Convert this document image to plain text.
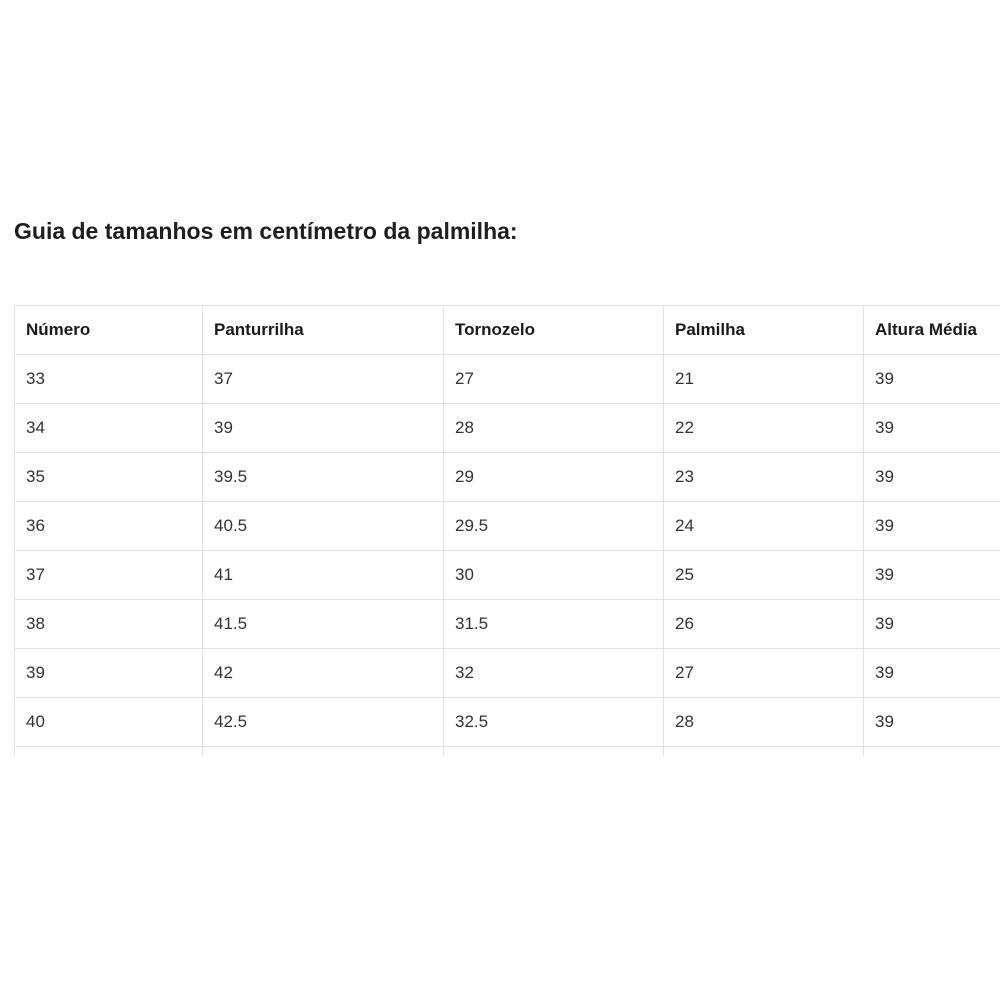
Guia de tamanhos em centímetro da palmilha:
Número	Panturrilha	Tornozelo	Palmilha	Altura Média
33	37	27	21	39
34	39	28	22	39
35	39.5	29	23	39
36	40.5	29.5	24	39
37	41	30	25	39
38	41.5	31.5	26	39
39	42	32	27	39
40	42.5	32.5	28	39
